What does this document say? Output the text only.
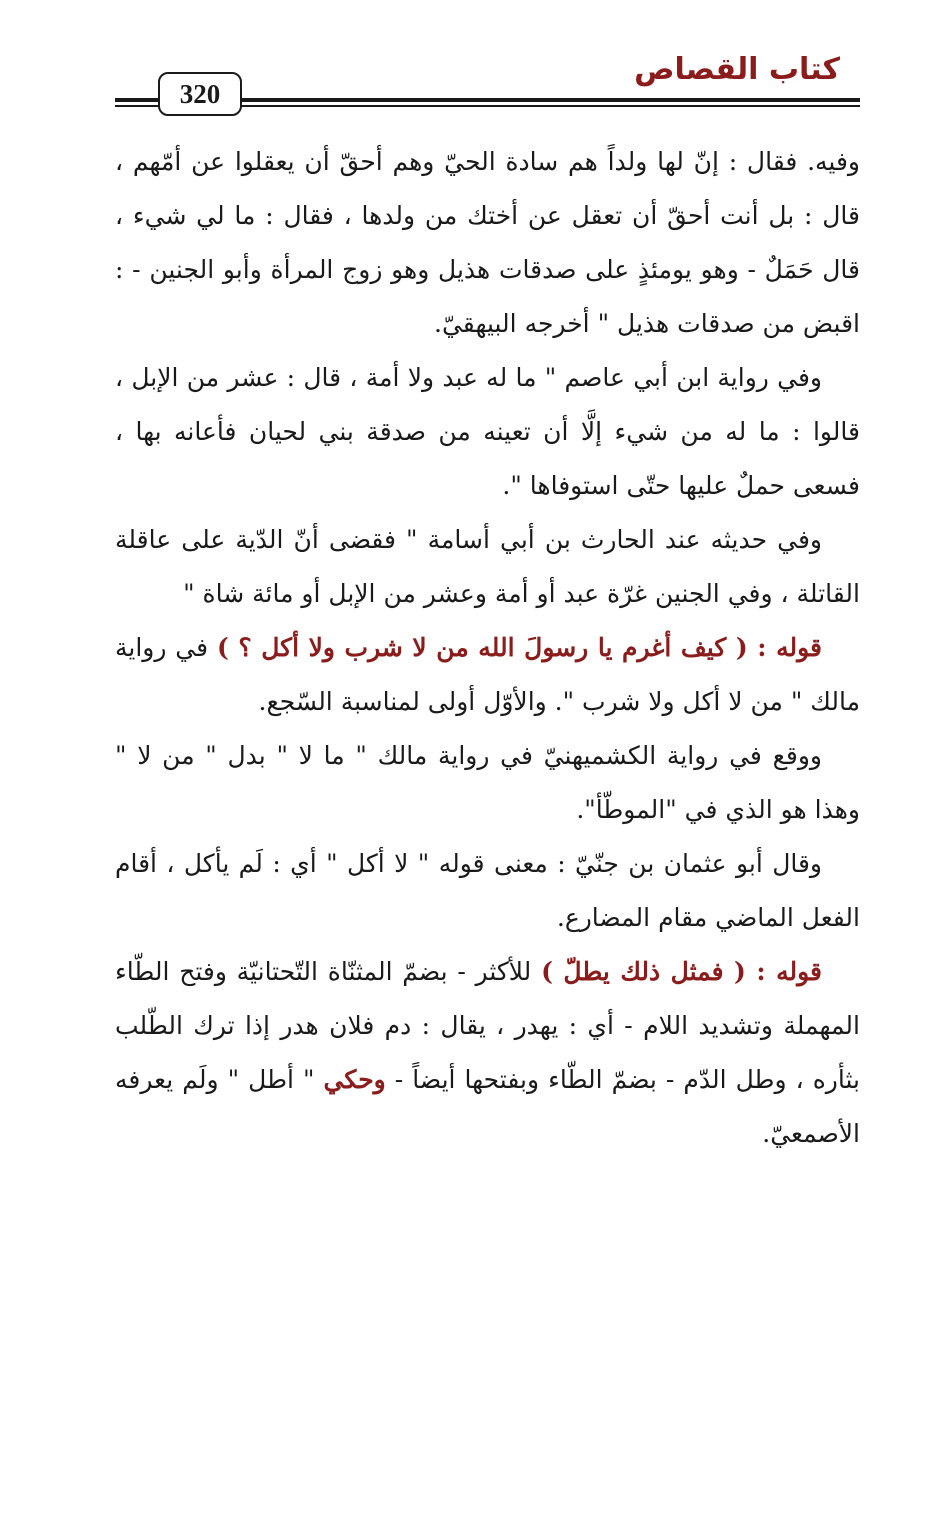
كتاب القصاص
320

وفيه. فقال : إنّ لها ولداً هم سادة الحيّ وهم أحقّ أن يعقلوا عن أمّهم ، قال : بل أنت أحقّ أن تعقل عن أختك من ولدها ، فقال : ما لي شيء ، قال حَمَلٌ - وهو يومئذٍ على صدقات هذيل وهو زوج المرأة وأبو الجنين - : اقبض من صدقات هذيل " أخرجه البيهقيّ.

وفي رواية ابن أبي عاصم " ما له عبد ولا أمة ، قال : عشر من الإبل ، قالوا : ما له من شيء إلَّا أن تعينه من صدقة بني لحيان فأعانه بها ، فسعى حملٌ عليها حتّى استوفاها ".

وفي حديثه عند الحارث بن أبي أسامة " فقضى أنّ الدّية على عاقلة القاتلة ، وفي الجنين غرّة عبد أو أمة وعشر من الإبل أو مائة شاة "

قوله : ( كيف أغرم يا رسولَ الله من لا شرب ولا أكل ؟ ) في رواية مالك " من لا أكل ولا شرب ". والأوّل أولى لمناسبة السّجع.

ووقع في رواية الكشميهنيّ في رواية مالك " ما لا " بدل " من لا " وهذا هو الذي في "الموطّأ".

وقال أبو عثمان بن جنّيّ : معنى قوله " لا أكل " أي : لَم يأكل ، أقام الفعل الماضي مقام المضارع.

قوله : ( فمثل ذلك يطلّ ) للأكثر - بضمّ المثنّاة التّحتانيّة وفتح الطّاء المهملة وتشديد اللام - أي : يهدر ، يقال : دم فلان هدر إذا ترك الطّلب بثأره ، وطل الدّم - بضمّ الطّاء وبفتحها أيضاً - وحكي " أطل " ولَم يعرفه الأصمعيّ.
